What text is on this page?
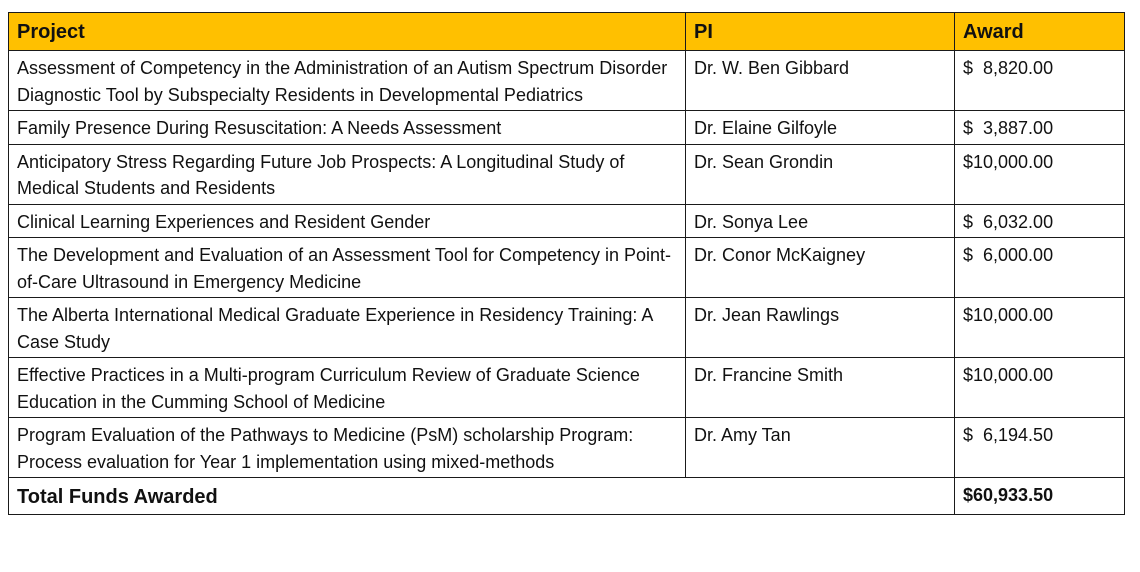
Project	PI	Award
Assessment of Competency in the Administration of an Autism Spectrum Disorder Diagnostic Tool by Subspecialty Residents in Developmental Pediatrics	Dr. W. Ben Gibbard	$  8,820.00
Family Presence During Resuscitation: A Needs Assessment	Dr. Elaine Gilfoyle	$  3,887.00
Anticipatory Stress Regarding Future Job Prospects: A Longitudinal Study of Medical Students and Residents	Dr. Sean Grondin	$10,000.00
Clinical Learning Experiences and Resident Gender	Dr. Sonya Lee	$  6,032.00
The Development and Evaluation of an Assessment Tool for Competency in Point-of-Care Ultrasound in Emergency Medicine	Dr. Conor McKaigney	$  6,000.00
The Alberta International Medical Graduate Experience in Residency Training: A Case Study	Dr. Jean Rawlings	$10,000.00
Effective Practices in a Multi-program Curriculum Review of Graduate Science Education in the Cumming School of Medicine	Dr. Francine Smith	$10,000.00
Program Evaluation of the Pathways to Medicine (PsM) scholarship Program: Process evaluation for Year 1 implementation using mixed-methods	Dr. Amy Tan	$  6,194.50
Total Funds Awarded		$60,933.50
